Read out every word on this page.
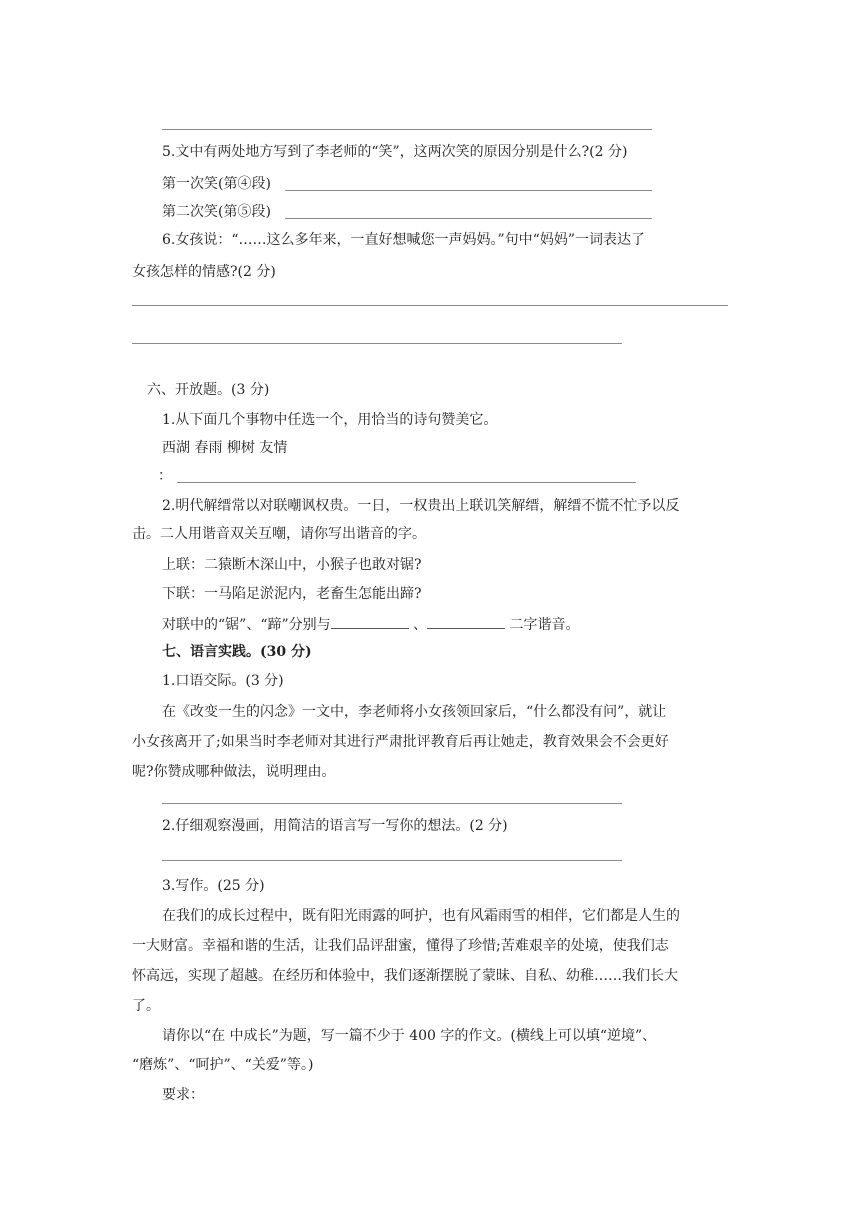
5.文中有两处地方写到了李老师的“笑”，这两次笑的原因分别是什么?(2 分)
第一次笑(第④段)
第二次笑(第⑤段)
6.女孩说：“……这么多年来，一直好想喊您一声妈妈。”句中“妈妈”一词表达了
女孩怎样的情感?(2 分)
六、开放题。(3 分)
1.从下面几个事物中任选一个，用恰当的诗句赞美它。
西湖 春雨 柳树 友情
：
2.明代解缙常以对联嘲讽权贵。一日，一权贵出上联讥笑解缙，解缙不慌不忙予以反
击。二人用谐音双关互嘲，请你写出谐音的字。
上联：二猿断木深山中，小猴子也敢对锯?
下联：一马陷足淤泥内，老畜生怎能出蹄?
对联中的“锯”、“蹄”分别与	、	二字谐音。
七、语言实践。(30 分)
1.口语交际。(3 分)
在《改变一生的闪念》一文中，李老师将小女孩领回家后，“什么都没有问”，就让
小女孩离开了;如果当时李老师对其进行严肃批评教育后再让她走，教育效果会不会更好
呢?你赞成哪种做法，说明理由。
2.仔细观察漫画，用简洁的语言写一写你的想法。(2 分)
3.写作。(25 分)
在我们的成长过程中，既有阳光雨露的呵护，也有风霜雨雪的相伴，它们都是人生的
一大财富。幸福和谐的生活，让我们品评甜蜜，懂得了珍惜;苦难艰辛的处境，使我们志
怀高远，实现了超越。在经历和体验中，我们逐渐摆脱了蒙昧、自私、幼稚……我们长大
了。
请你以“在 中成长”为题，写一篇不少于 400 字的作文。(横线上可以填“逆境”、
“磨炼”、“呵护”、“关爱”等。)
要求：
